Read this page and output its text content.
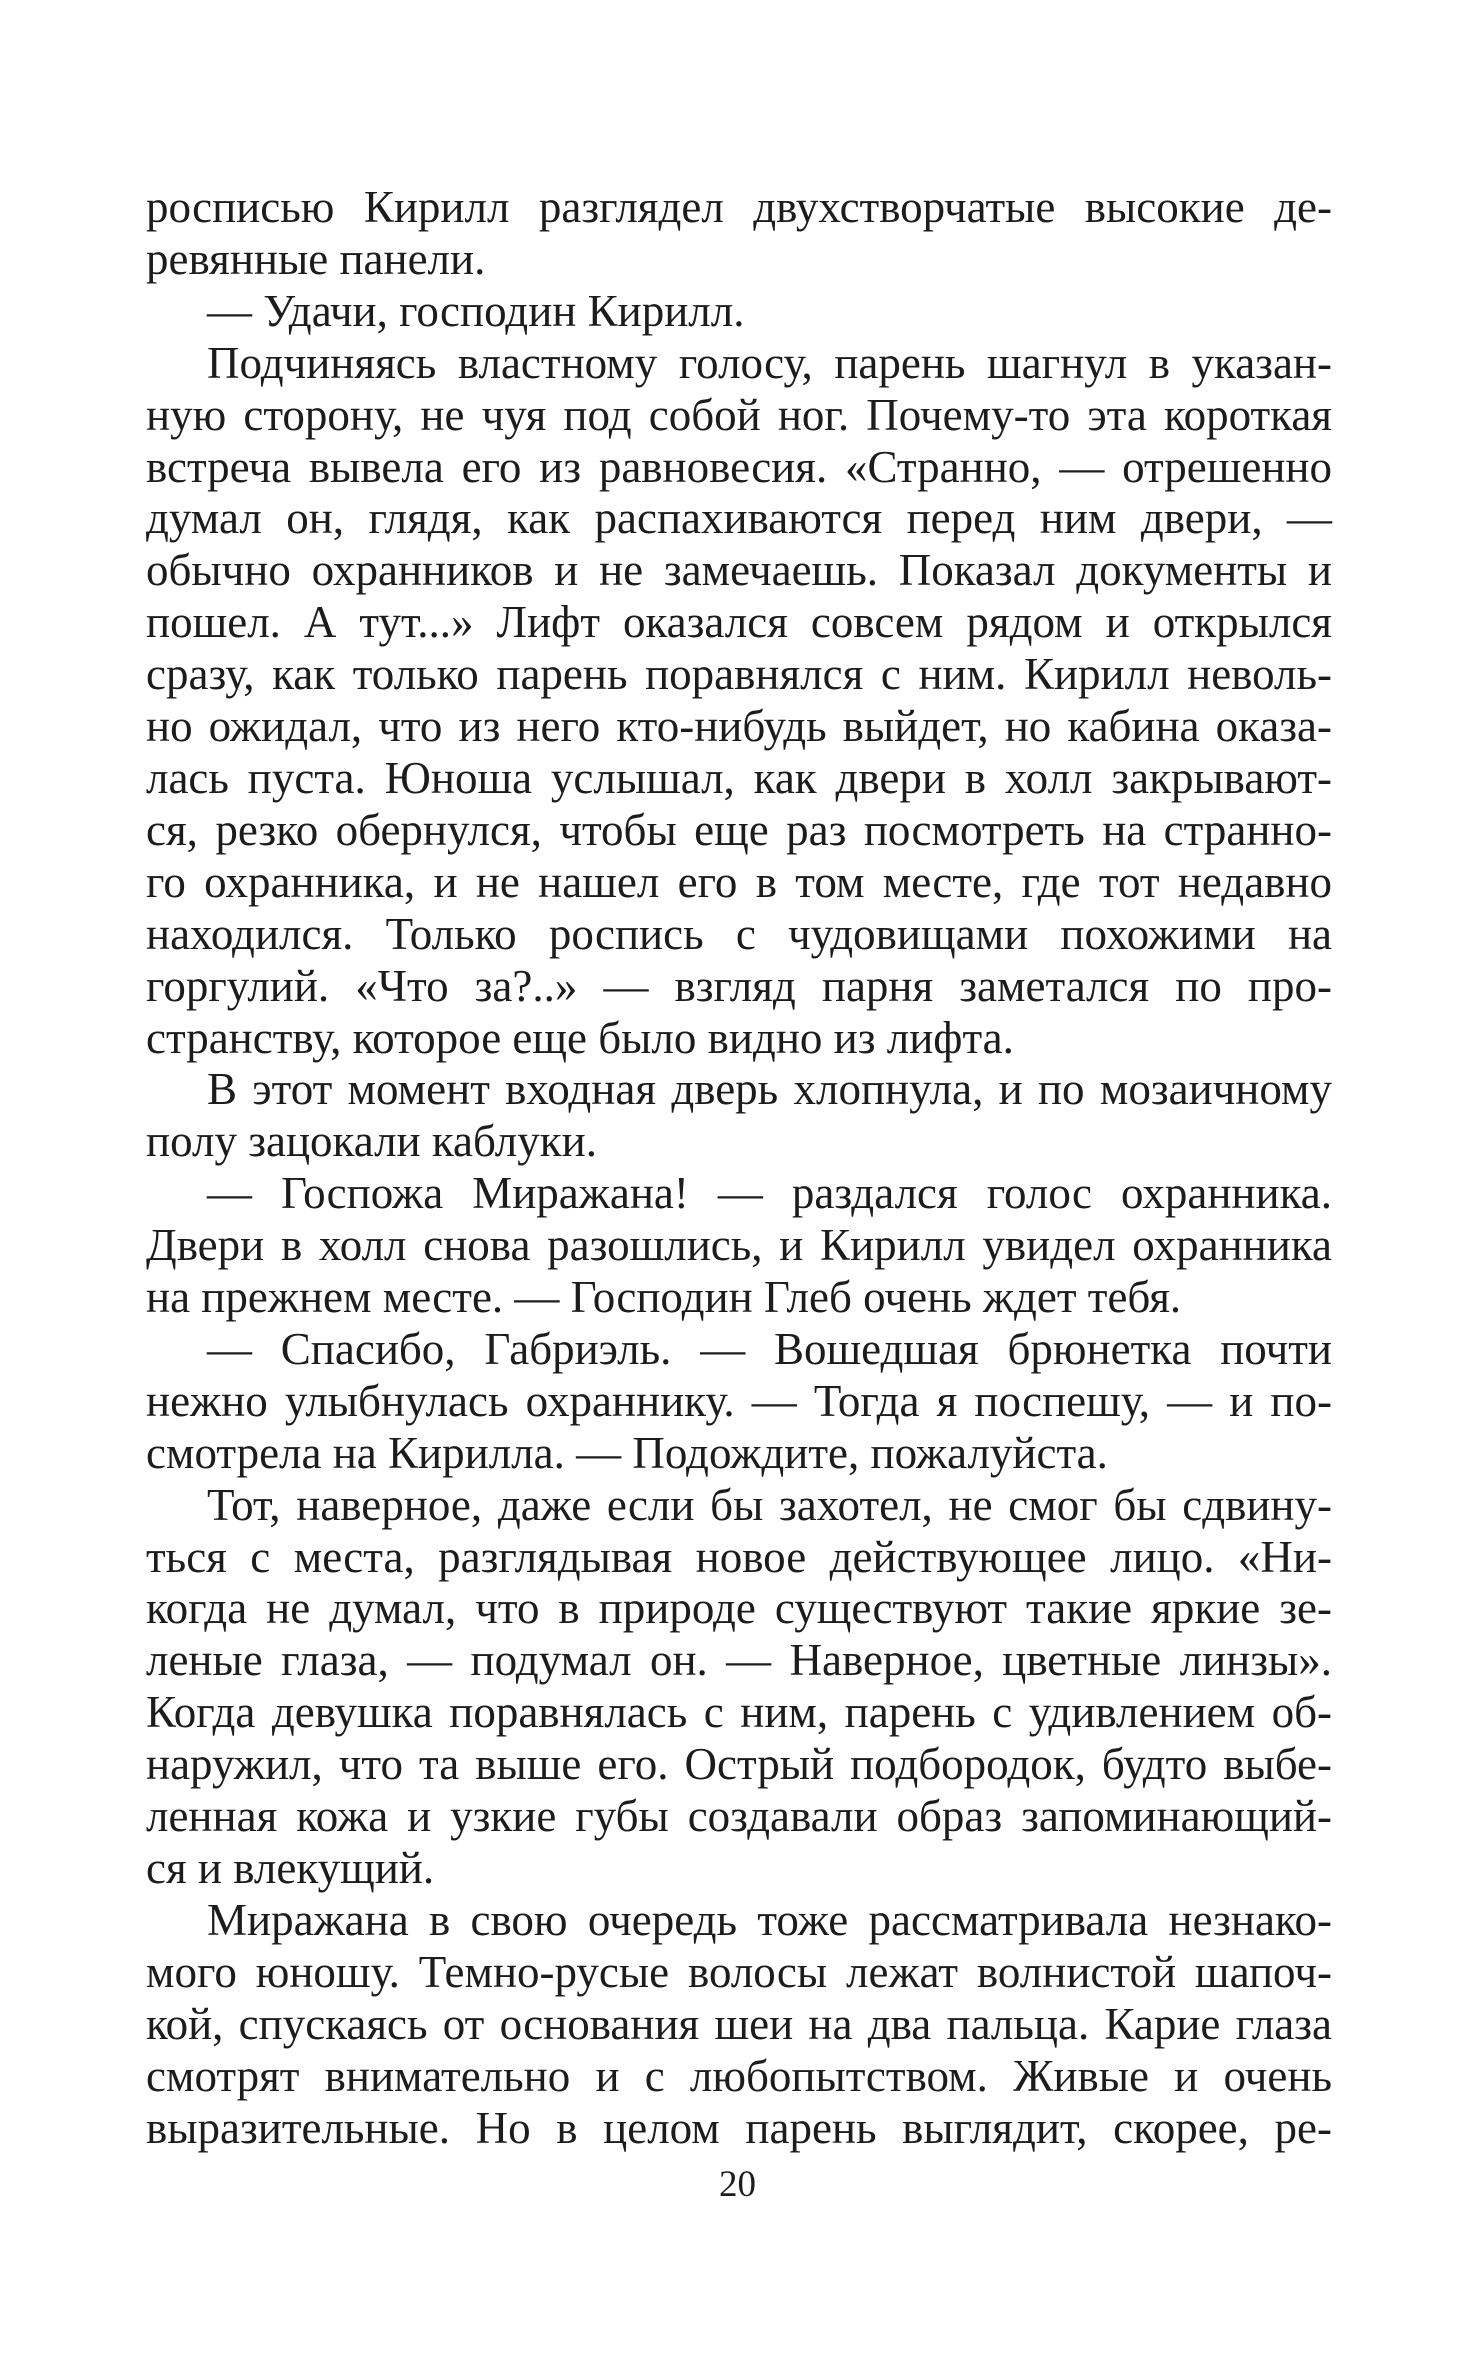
росписью Кирилл разглядел двухстворчатые высокие де-
ревянные панели.
— Удачи, господин Кирилл.
Подчиняясь властному голосу, парень шагнул в указан-
ную сторону, не чуя под собой ног. Почему-то эта короткая
встреча вывела его из равновесия. «Странно, — отрешенно
думал он, глядя, как распахиваются перед ним двери, —
обычно охранников и не замечаешь. Показал документы и
пошел. А тут...» Лифт оказался совсем рядом и открылся
сразу, как только парень поравнялся с ним. Кирилл неволь-
но ожидал, что из него кто-нибудь выйдет, но кабина оказа-
лась пуста. Юноша услышал, как двери в холл закрывают-
ся, резко обернулся, чтобы еще раз посмотреть на странно-
го охранника, и не нашел его в том месте, где тот недавно
находился. Только роспись с чудовищами похожими на
горгулий. «Что за?..» — взгляд парня заметался по про-
странству, которое еще было видно из лифта.
В этот момент входная дверь хлопнула, и по мозаичному
полу зацокали каблуки.
— Госпожа Миражана! — раздался голос охранника.
Двери в холл снова разошлись, и Кирилл увидел охранника
на прежнем месте. — Господин Глеб очень ждет тебя.
— Спасибо, Габриэль. — Вошедшая брюнетка почти
нежно улыбнулась охраннику. — Тогда я поспешу, — и по-
смотрела на Кирилла. — Подождите, пожалуйста.
Тот, наверное, даже если бы захотел, не смог бы сдвину-
ться с места, разглядывая новое действующее лицо. «Ни-
когда не думал, что в природе существуют такие яркие зе-
леные глаза, — подумал он. — Наверное, цветные линзы».
Когда девушка поравнялась с ним, парень с удивлением об-
наружил, что та выше его. Острый подбородок, будто выбе-
ленная кожа и узкие губы создавали образ запоминающий-
ся и влекущий.
Миражана в свою очередь тоже рассматривала незнако-
мого юношу. Темно-русые волосы лежат волнистой шапоч-
кой, спускаясь от основания шеи на два пальца. Карие глаза
смотрят внимательно и с любопытством. Живые и очень
выразительные. Но в целом парень выглядит, скорее, ре-
20
